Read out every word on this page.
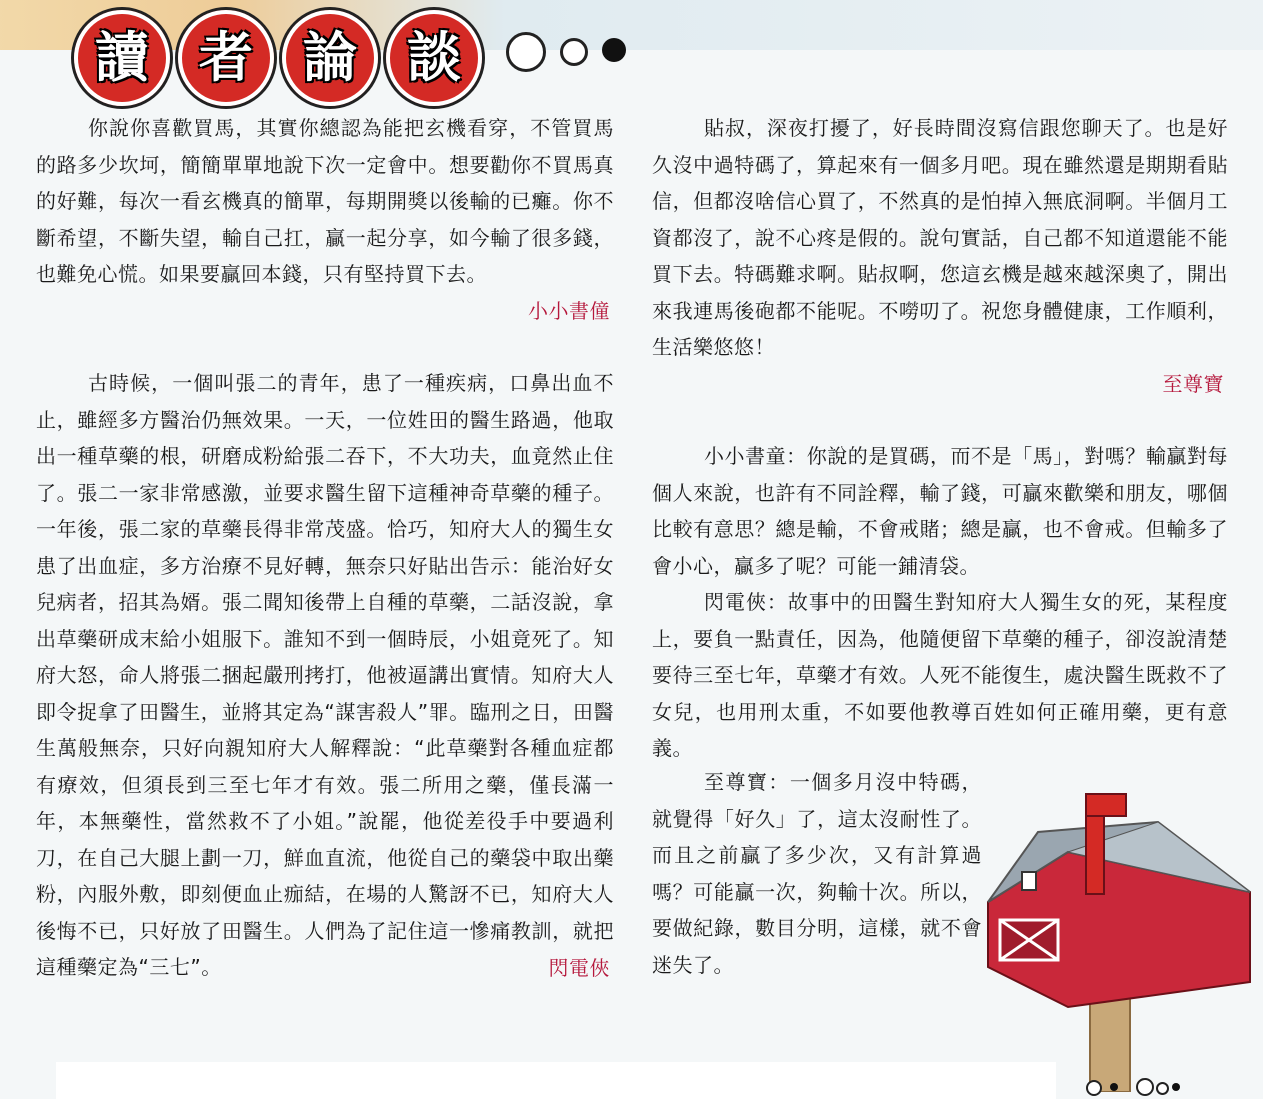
讀 者 論 談

你說你喜歡買馬，其實你總認為能把玄機看穿，不管買馬的路多少坎坷，簡簡單單地說下次一定會中。想要勸你不買馬真的好難，每次一看玄機真的簡單，每期開獎以後輸的已癱。你不斷希望，不斷失望，輸自己扛，贏一起分享，如今輸了很多錢，也難免心慌。如果要贏回本錢，只有堅持買下去。

小小書僮

古時候，一個叫張二的青年，患了一種疾病，口鼻出血不止，雖經多方醫治仍無效果。一天，一位姓田的醫生路過，他取出一種草藥的根，研磨成粉給張二吞下，不大功夫，血竟然止住了。張二一家非常感激，並要求醫生留下這種神奇草藥的種子。一年後，張二家的草藥長得非常茂盛。恰巧，知府大人的獨生女患了出血症，多方治療不見好轉，無奈只好貼出告示：能治好女兒病者，招其為婿。張二聞知後帶上自種的草藥，二話沒說，拿出草藥研成末給小姐服下。誰知不到一個時辰，小姐竟死了。知府大怒，命人將張二捆起嚴刑拷打，他被逼講出實情。知府大人即令捉拿了田醫生，並將其定為“謀害殺人”罪。臨刑之日，田醫生萬般無奈，只好向親知府大人解釋說：“此草藥對各種血症都有療效，但須長到三至七年才有效。張二所用之藥，僅長滿一年，本無藥性，當然救不了小姐。”說罷，他從差役手中要過利刀，在自己大腿上劃一刀，鮮血直流，他從自己的藥袋中取出藥粉，內服外敷，即刻便血止痂結，在場的人驚訝不已，知府大人後悔不已，只好放了田醫生。人們為了記住這一慘痛教訓，就把這種藥定為“三七”。	閃電俠

貼叔，深夜打擾了，好長時間沒寫信跟您聊天了。也是好久沒中過特碼了，算起來有一個多月吧。現在雖然還是期期看貼信，但都沒啥信心買了，不然真的是怕掉入無底洞啊。半個月工資都沒了，說不心疼是假的。說句實話，自己都不知道還能不能買下去。特碼難求啊。貼叔啊，您這玄機是越來越深奧了，開出來我連馬後砲都不能呢。不嘮叨了。祝您身體健康，工作順利，生活樂悠悠！

至尊寶

小小書童：你說的是買碼，而不是「馬」，對嗎？輸贏對每個人來說，也許有不同詮釋，輸了錢，可贏來歡樂和朋友，哪個比較有意思？總是輸，不會戒賭；總是贏，也不會戒。但輸多了會小心，贏多了呢？可能一鋪清袋。

閃電俠：故事中的田醫生對知府大人獨生女的死，某程度上，要負一點責任，因為，他隨便留下草藥的種子，卻沒說清楚要待三至七年，草藥才有效。人死不能復生，處決醫生既救不了女兒，也用刑太重，不如要他教導百姓如何正確用藥，更有意義。

至尊寶：一個多月沒中特碼，就覺得「好久」了，這太沒耐性了。而且之前贏了多少次，又有計算過嗎？可能贏一次，夠輸十次。所以，要做紀錄，數目分明，這樣，就不會迷失了。
